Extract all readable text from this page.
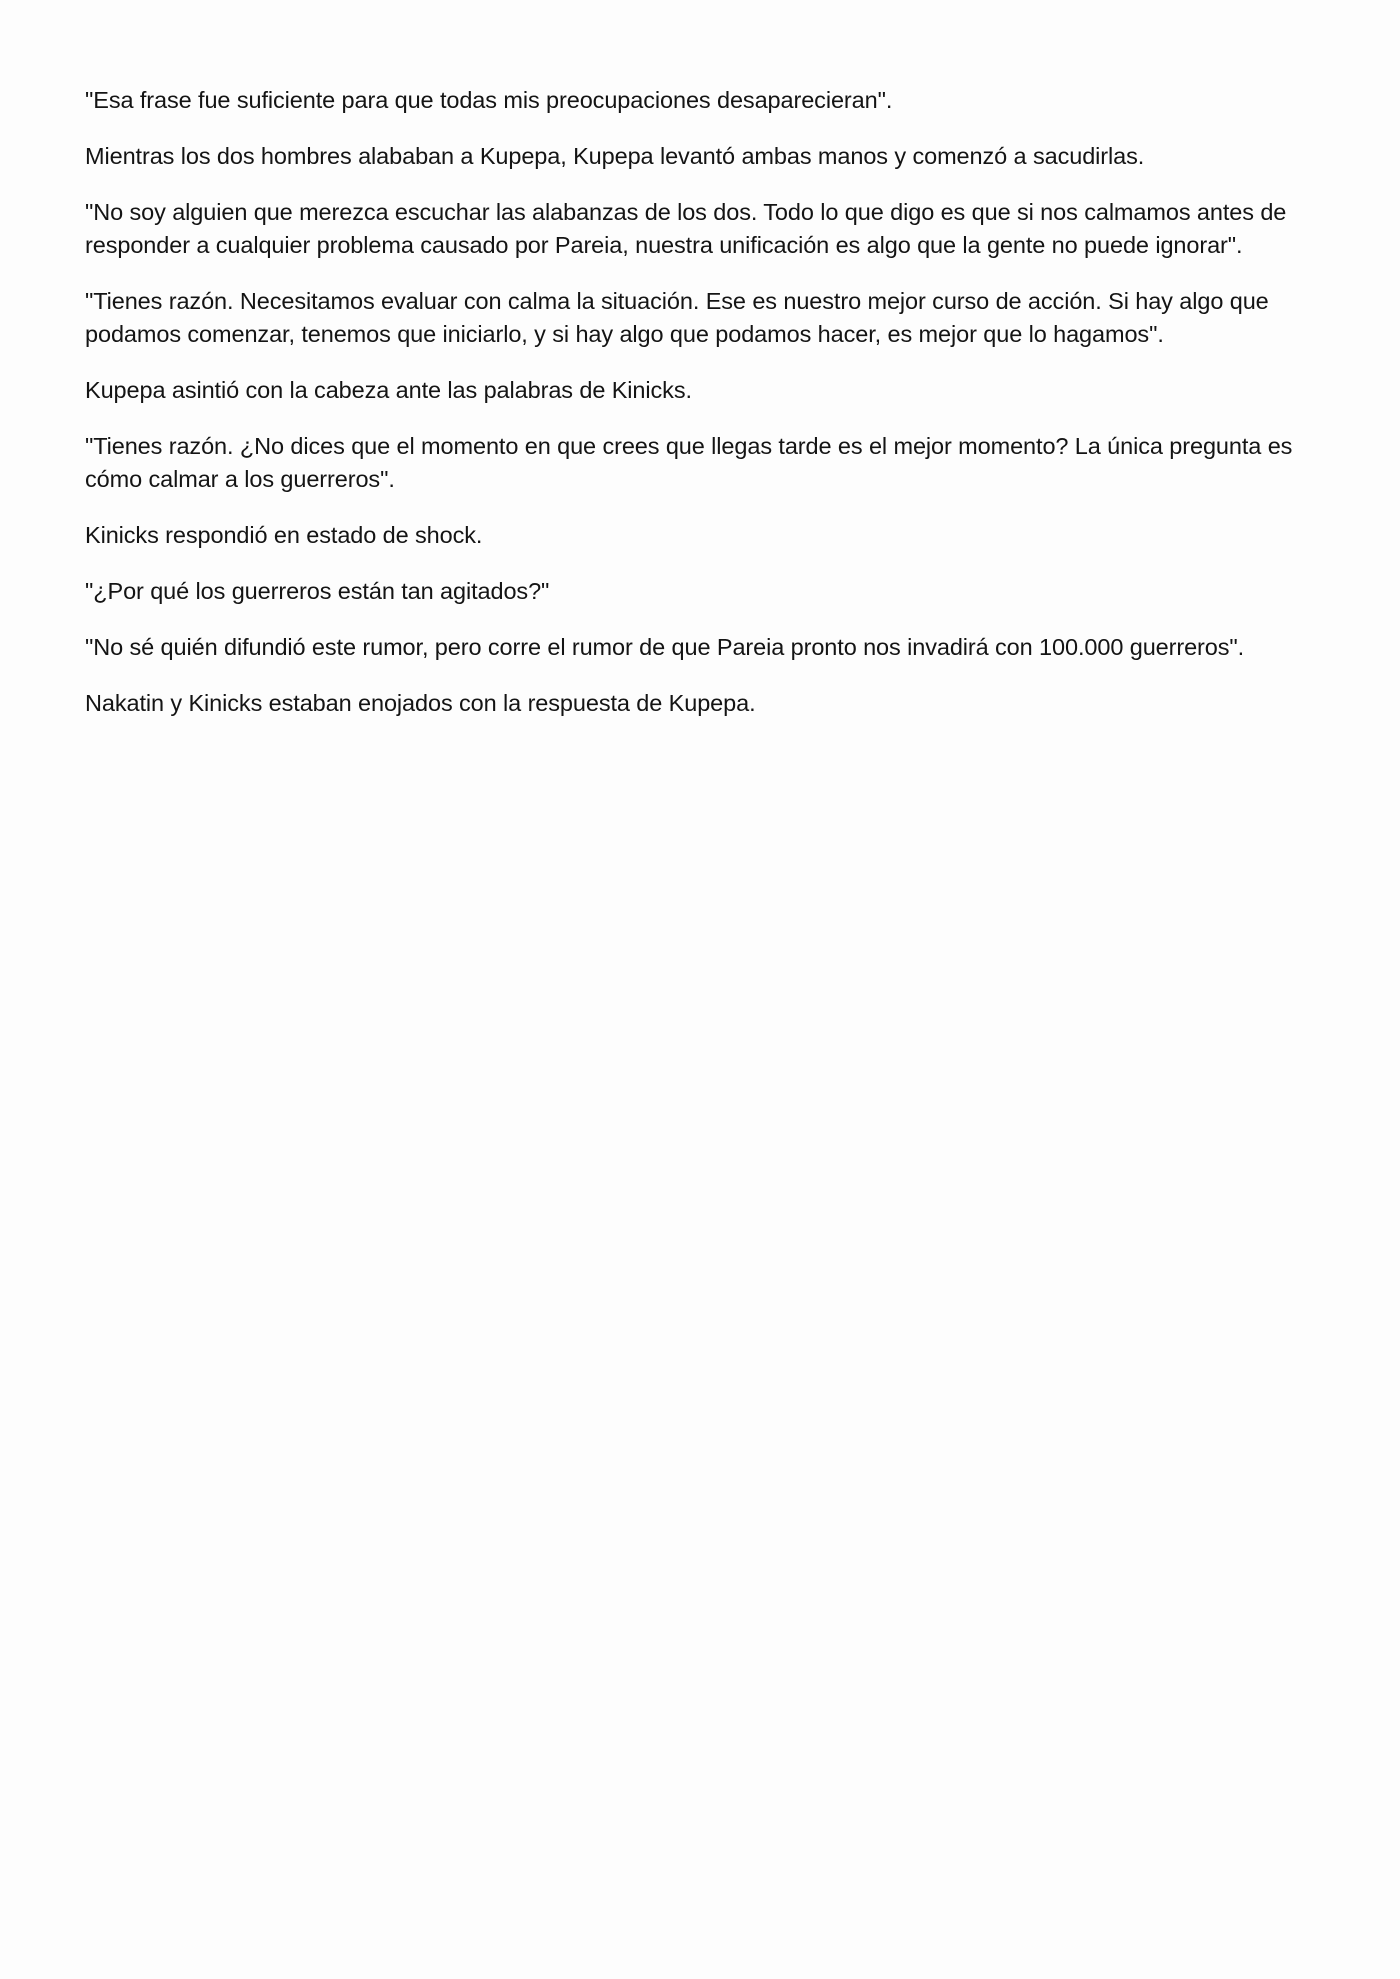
"Esa frase fue suficiente para que todas mis preocupaciones desaparecieran".

Mientras los dos hombres alababan a Kupepa, Kupepa levantó ambas manos y comenzó a sacudirlas.

"No soy alguien que merezca escuchar las alabanzas de los dos. Todo lo que digo es que si nos calmamos antes de responder a cualquier problema causado por Pareia, nuestra unificación es algo que la gente no puede ignorar".

"Tienes razón. Necesitamos evaluar con calma la situación. Ese es nuestro mejor curso de acción. Si hay algo que podamos comenzar, tenemos que iniciarlo, y si hay algo que podamos hacer, es mejor que lo hagamos".

Kupepa asintió con la cabeza ante las palabras de Kinicks.

"Tienes razón. ¿No dices que el momento en que crees que llegas tarde es el mejor momento? La única pregunta es cómo calmar a los guerreros".

Kinicks respondió en estado de shock.

"¿Por qué los guerreros están tan agitados?"

"No sé quién difundió este rumor, pero corre el rumor de que Pareia pronto nos invadirá con 100.000 guerreros".

Nakatin y Kinicks estaban enojados con la respuesta de Kupepa.
